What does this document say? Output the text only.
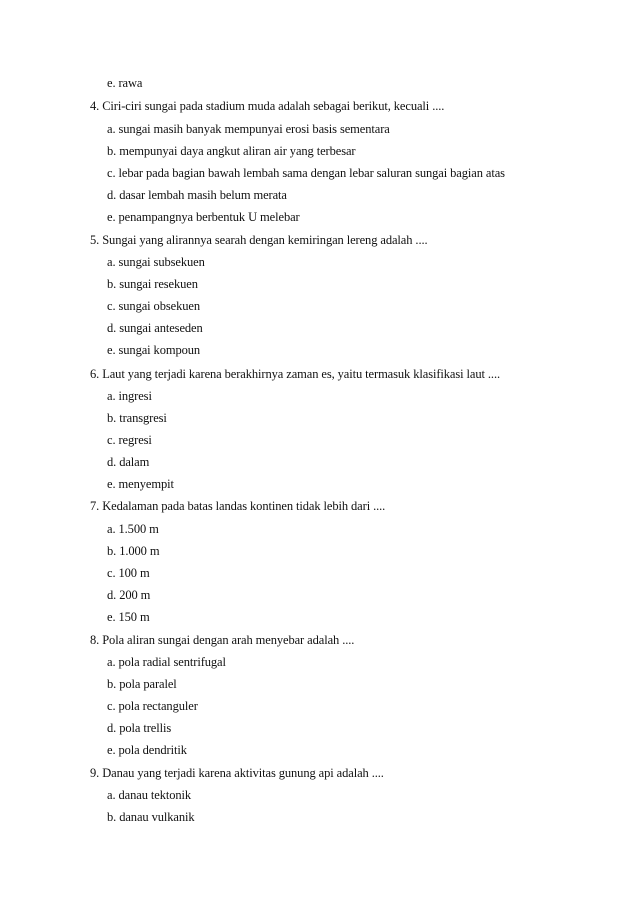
e. rawa
4. Ciri-ciri sungai pada stadium muda adalah sebagai berikut, kecuali ....
a. sungai masih banyak mempunyai erosi basis sementara
b. mempunyai daya angkut aliran air yang terbesar
c. lebar pada bagian bawah lembah sama dengan lebar saluran sungai bagian atas
d. dasar lembah masih belum merata
e. penampangnya berbentuk U melebar
5. Sungai yang alirannya searah dengan kemiringan lereng adalah ....
a. sungai subsekuen
b. sungai resekuen
c. sungai obsekuen
d. sungai anteseden
e. sungai kompoun
6. Laut yang terjadi karena berakhirnya zaman es, yaitu termasuk klasifikasi laut ....
a. ingresi
b. transgresi
c. regresi
d. dalam
e. menyempit
7. Kedalaman pada batas landas kontinen tidak lebih dari ....
a. 1.500 m
b. 1.000 m
c. 100 m
d. 200 m
e. 150 m
8. Pola aliran sungai dengan arah menyebar adalah ....
a. pola radial sentrifugal
b. pola paralel
c. pola rectanguler
d. pola trellis
e. pola dendritik
9. Danau yang terjadi karena aktivitas gunung api adalah ....
a. danau tektonik
b. danau vulkanik
